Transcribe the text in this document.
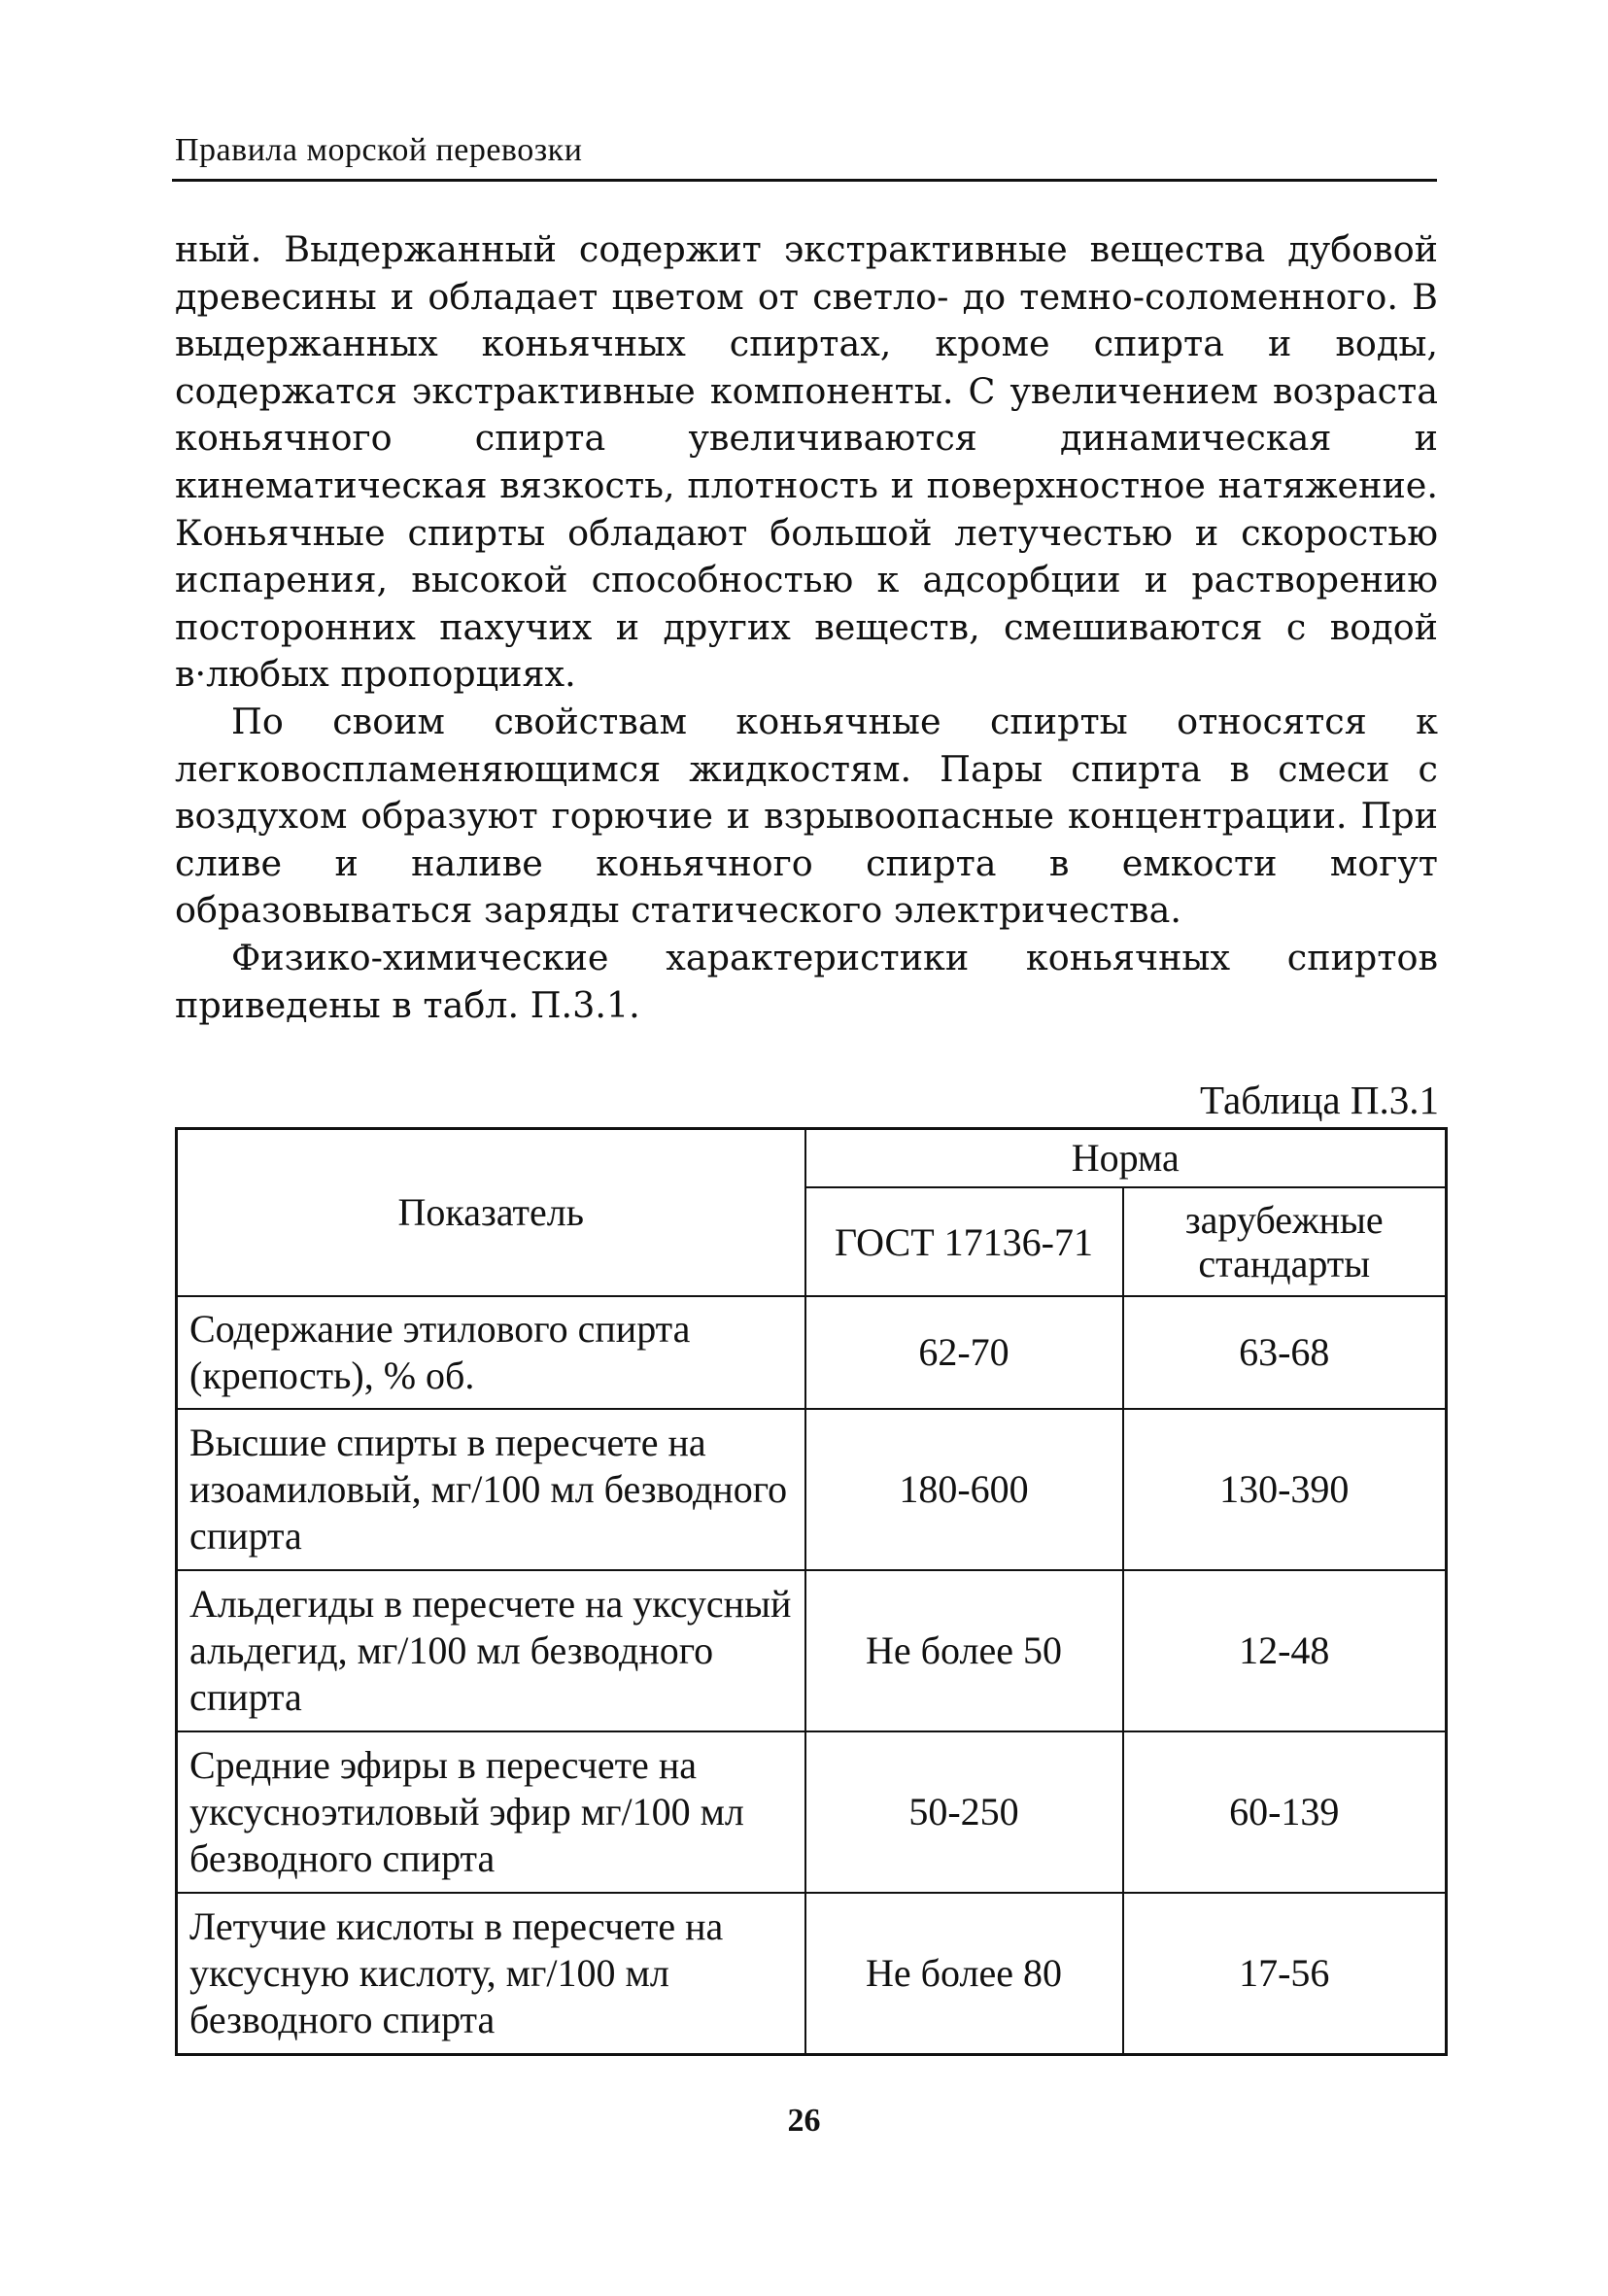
Правила морской перевозки

ный. Выдержанный содержит экстрактивные вещества дубовой древесины и обладает цветом от светло- до темно-соломенного. В выдержанных коньячных спиртах, кроме спирта и воды, содержатся экстрактивные компоненты. С увеличением возраста коньячного спирта увеличиваются динамическая и кинематическая вязкость, плотность и поверхностное натяжение. Коньячные спирты обладают большой летучестью и скоростью испарения, высокой способностью к адсорбции и растворению посторонних пахучих и других веществ, смешиваются с водой в·любых пропорциях.

По своим свойствам коньячные спирты относятся к легковоспламеняющимся жидкостям. Пары спирта в смеси с воздухом образуют горючие и взрывоопасные концентрации. При сливе и наливе коньячного спирта в емкости могут образовываться заряды статического электричества.

Физико-химические характеристики коньячных спиртов приведены в табл. П.3.1.

Таблица П.3.1
Показатель	Норма	
	ГОСТ 17136-71	зарубежные стандарты
Содержание этилового спирта (крепость), % об.	62-70	63-68
Высшие спирты в пересчете на изоамиловый, мг/100 мл безводного спирта	180-600	130-390
Альдегиды в пересчете на уксусный альдегид, мг/100 мл безводного спирта	Не более 50	12-48
Средние эфиры в пересчете на уксусноэтиловый эфир мг/100 мл безводного спирта	50-250	60-139
Летучие кислоты в пересчете на уксусную кислоту, мг/100 мл безводного спирта	Не более 80	17-56
26
